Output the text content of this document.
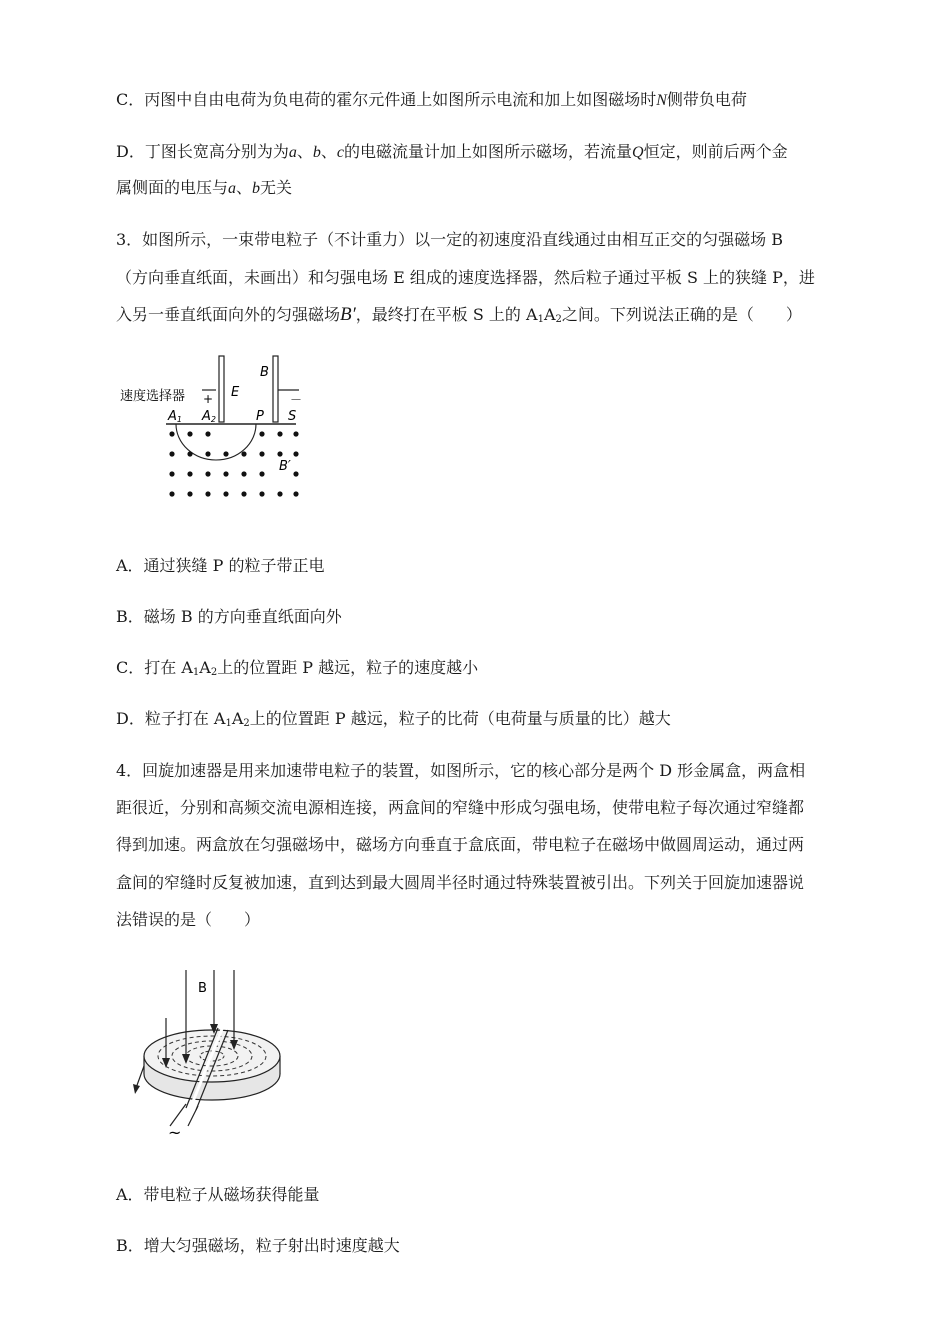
C．丙图中自由电荷为负电荷的霍尔元件通上如图所示电流和加上如图磁场时N侧带负电荷
D．丁图长宽高分别为为a、b、c的电磁流量计加上如图所示磁场，若流量Q恒定，则前后两个金
属侧面的电压与a、b无关
3．如图所示，一束带电粒子（不计重力）以一定的初速度沿直线通过由相互正交的匀强磁场 B
（方向垂直纸面，未画出）和匀强电场 E 组成的速度选择器，然后粒子通过平板 S 上的狭缝 P，进
入另一垂直纸面向外的匀强磁场B′，最终打在平板 S 上的 $A_1A_2$之间。下列说法正确的是（　　）
速度选择器 + E
B
－
A1 A2	P S
B′
A．通过狭缝 P 的粒子带正电
B．磁场 B 的方向垂直纸面向外
C．打在 $A_1A_2$上的位置距 P 越远，粒子的速度越小
D．粒子打在 $A_1A_2$上的位置距 P 越远，粒子的比荷（电荷量与质量的比）越大
4．回旋加速器是用来加速带电粒子的装置，如图所示，它的核心部分是两个 D 形金属盒，两盒相
距很近，分别和高频交流电源相连接，两盒间的窄缝中形成匀强电场，使带电粒子每次通过窄缝都
得到加速。两盒放在匀强磁场中，磁场方向垂直于盒底面，带电粒子在磁场中做圆周运动，通过两
盒间的窄缝时反复被加速，直到达到最大圆周半径时通过特殊装置被引出。下列关于回旋加速器说
法错误的是（　　）
B
~
A．带电粒子从磁场获得能量
B．增大匀强磁场，粒子射出时速度越大
